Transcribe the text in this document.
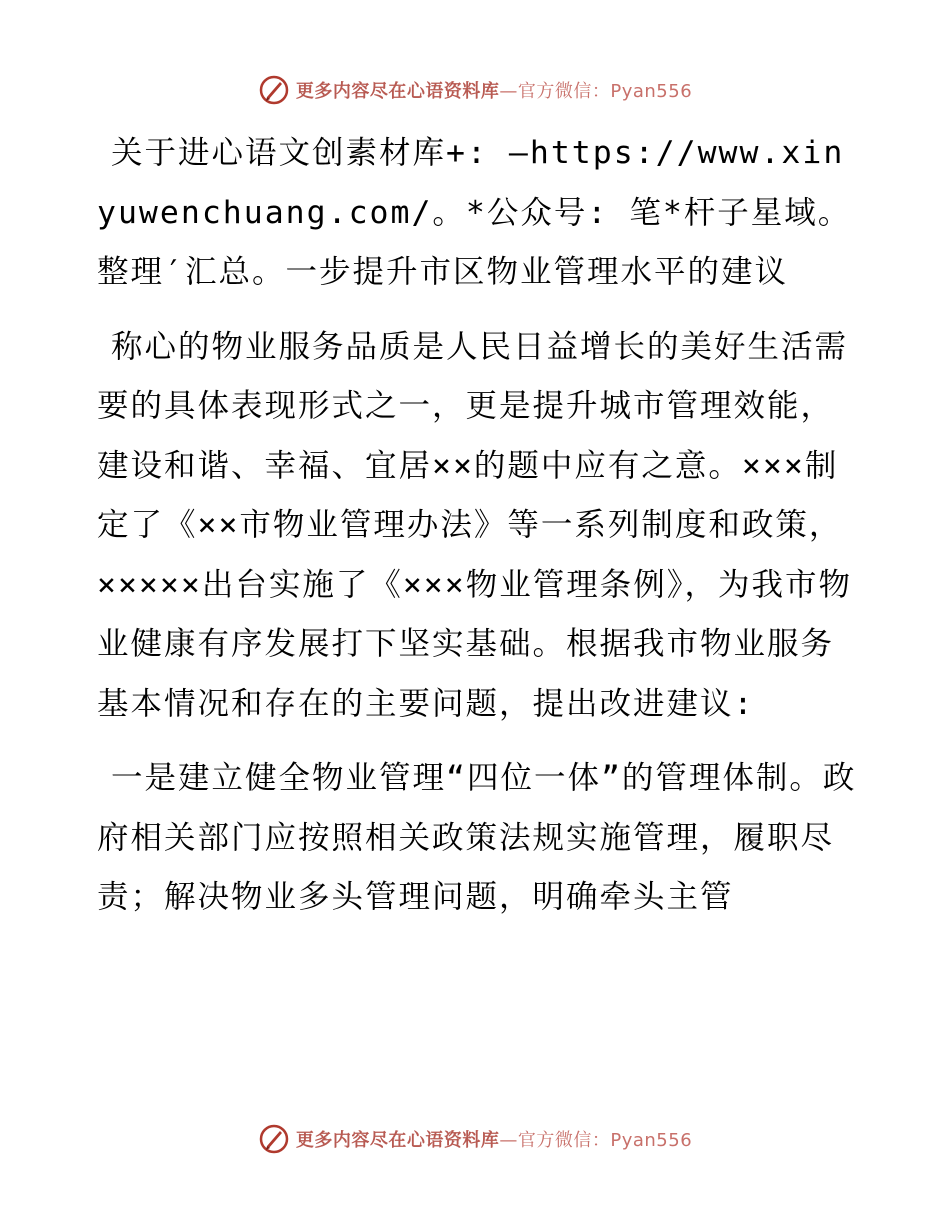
更多内容尽在心语资料库—官方微信：Pyan556

关于进心语文创素材库+: —https://www.xinyuwenchuang.com/。*公众号: 笔*杆子星域。整理′汇总。一步提升市区物业管理水平的建议

称心的物业服务品质是人民日益增长的美好生活需要的具体表现形式之一，更是提升城市管理效能，建设和谐、幸福、宜居××的题中应有之意。×××制定了《××市物业管理办法》等一系列制度和政策，×××××出台实施了《×××物业管理条例》，为我市物业健康有序发展打下坚实基础。根据我市物业服务基本情况和存在的主要问题，提出改进建议:

一是建立健全物业管理“四位一体”的管理体制。政府相关部门应按照相关政策法规实施管理，履职尽责；解决物业多头管理问题，明确牵头主管

更多内容尽在心语资料库—官方微信：Pyan556
